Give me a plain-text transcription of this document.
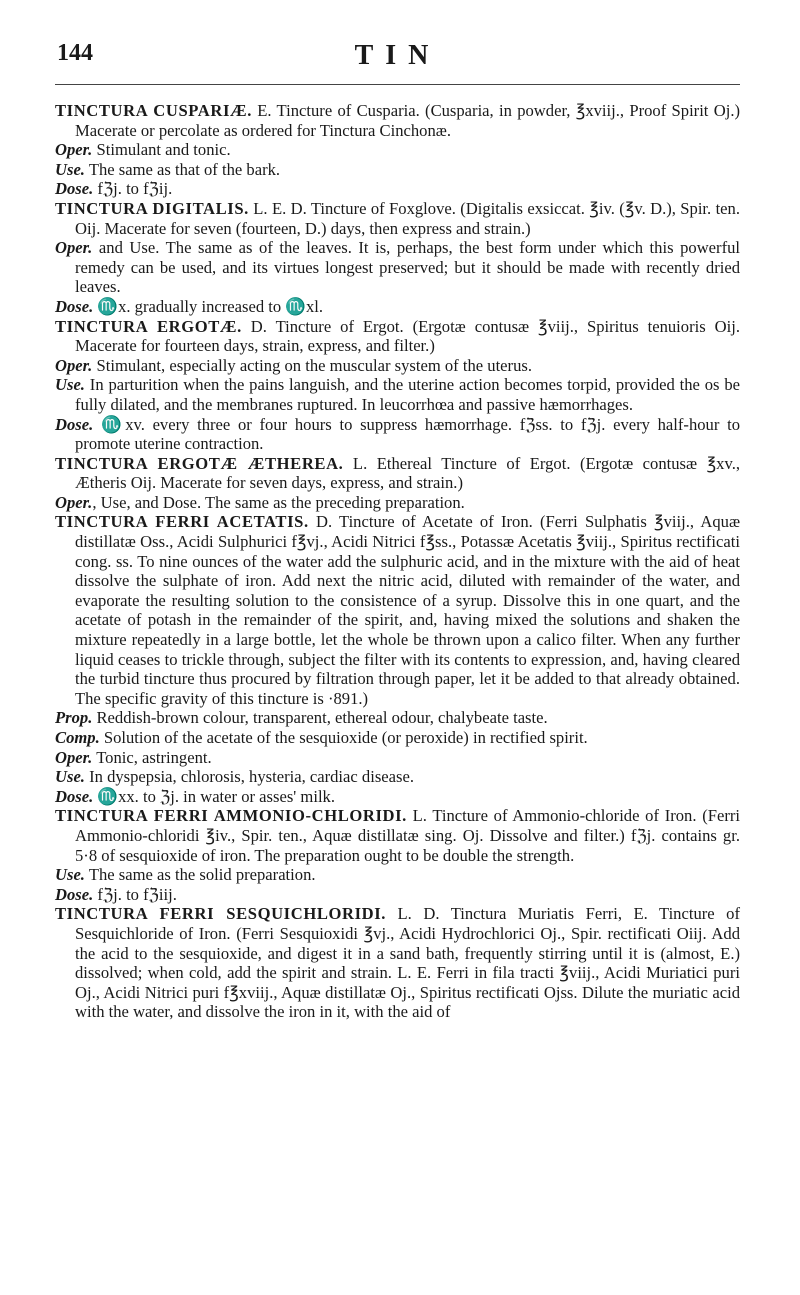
144	TIN

TINCTURA CUSPARIÆ. E. Tincture of Cusparia. (Cusparia, in powder, ℥xviij., Proof Spirit Oj.) Macerate or percolate as ordered for Tinctura Cinchonæ.

Oper. Stimulant and tonic.

Use. The same as that of the bark.

Dose. fℨj. to fℨij.

TINCTURA DIGITALIS. L. E. D. Tincture of Foxglove. (Digitalis exsiccat. ℥iv. (℥v. D.), Spir. ten. Oij. Macerate for seven (fourteen, D.) days, then express and strain.)

Oper. and Use. The same as of the leaves. It is, perhaps, the best form under which this powerful remedy can be used, and its virtues longest preserved; but it should be made with recently dried leaves.

Dose. ♏x. gradually increased to ♏xl.

TINCTURA ERGOTÆ. D. Tincture of Ergot. (Ergotæ contusæ ℥viij., Spiritus tenuioris Oij. Macerate for fourteen days, strain, express, and filter.)

Oper. Stimulant, especially acting on the muscular system of the uterus.

Use. In parturition when the pains languish, and the uterine action becomes torpid, provided the os be fully dilated, and the membranes ruptured. In leucorrhœa and passive hæmorrhages.

Dose. ♏xv. every three or four hours to suppress hæmorrhage. fℨss. to fℨj. every half-hour to promote uterine contraction.

TINCTURA ERGOTÆ ÆTHEREA. L. Ethereal Tincture of Ergot. (Ergotæ contusæ ℥xv., Ætheris Oij. Macerate for seven days, express, and strain.)

Oper., Use, and Dose. The same as the preceding preparation.

TINCTURA FERRI ACETATIS. D. Tincture of Acetate of Iron. (Ferri Sulphatis ℥viij., Aquæ distillatæ Oss., Acidi Sulphurici f℥vj., Acidi Nitrici f℥ss., Potassæ Acetatis ℥viij., Spiritus rectificati cong. ss. To nine ounces of the water add the sulphuric acid, and in the mixture with the aid of heat dissolve the sulphate of iron. Add next the nitric acid, diluted with remainder of the water, and evaporate the resulting solution to the consistence of a syrup. Dissolve this in one quart, and the acetate of potash in the remainder of the spirit, and, having mixed the solutions and shaken the mixture repeatedly in a large bottle, let the whole be thrown upon a calico filter. When any further liquid ceases to trickle through, subject the filter with its contents to expression, and, having cleared the turbid tincture thus procured by filtration through paper, let it be added to that already obtained. The specific gravity of this tincture is ·891.)

Prop. Reddish-brown colour, transparent, ethereal odour, chalybeate taste.

Comp. Solution of the acetate of the sesquioxide (or peroxide) in rectified spirit.

Oper. Tonic, astringent.

Use. In dyspepsia, chlorosis, hysteria, cardiac disease.

Dose. ♏xx. to ℨj. in water or asses' milk.

TINCTURA FERRI AMMONIO-CHLORIDI. L. Tincture of Ammonio-chloride of Iron. (Ferri Ammonio-chloridi ℥iv., Spir. ten., Aquæ distillatæ sing. Oj. Dissolve and filter.) fℨj. contains gr. 5·8 of sesquioxide of iron. The preparation ought to be double the strength.

Use. The same as the solid preparation.

Dose. fℨj. to fℨiij.

TINCTURA FERRI SESQUICHLORIDI. L. D. Tinctura Muriatis Ferri, E. Tincture of Sesquichloride of Iron. (Ferri Sesquioxidi ℥vj., Acidi Hydrochlorici Oj., Spir. rectificati Oiij. Add the acid to the sesquioxide, and digest it in a sand bath, frequently stirring until it is (almost, E.) dissolved; when cold, add the spirit and strain. L. E. Ferri in fila tracti ℥viij., Acidi Muriatici puri Oj., Acidi Nitrici puri f℥xviij., Aquæ distillatæ Oj., Spiritus rectificati Ojss. Dilute the muriatic acid with the water, and dissolve the iron in it, with the aid of
